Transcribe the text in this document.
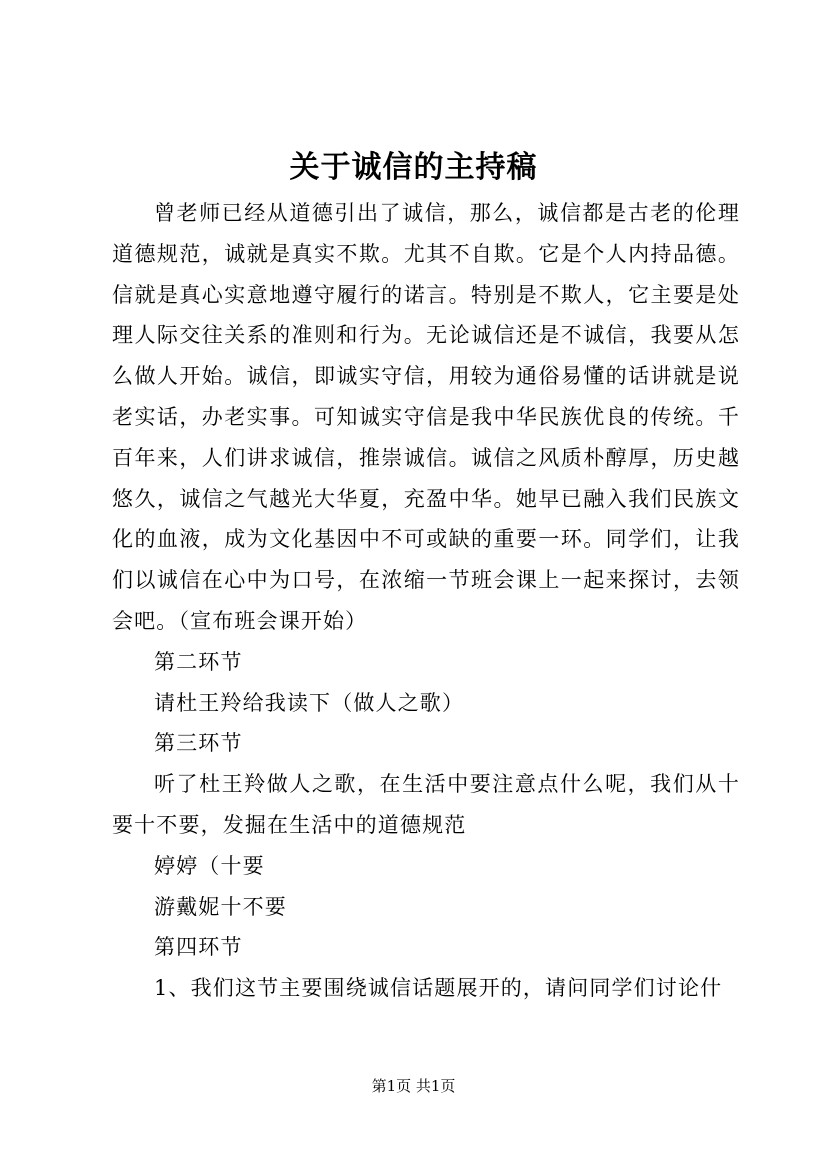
关于诚信的主持稿

曾老师已经从道德引出了诚信，那么，诚信都是古老的伦理道德规范，诚就是真实不欺。尤其不自欺。它是个人内持品德。信就是真心实意地遵守履行的诺言。特别是不欺人，它主要是处理人际交往关系的准则和行为。无论诚信还是不诚信，我要从怎么做人开始。诚信，即诚实守信，用较为通俗易懂的话讲就是说老实话，办老实事。可知诚实守信是我中华民族优良的传统。千百年来，人们讲求诚信，推崇诚信。诚信之风质朴醇厚，历史越悠久，诚信之气越光大华夏，充盈中华。她早已融入我们民族文化的血液，成为文化基因中不可或缺的重要一环。同学们，让我们以诚信在心中为口号，在浓缩一节班会课上一起来探讨，去领会吧。（宣布班会课开始）

第二环节

请杜王羚给我读下（做人之歌）

第三环节

听了杜王羚做人之歌，在生活中要注意点什么呢，我们从十要十不要，发掘在生活中的道德规范

婷婷（十要

游戴妮十不要

第四环节

1、我们这节主要围绕诚信话题展开的，请问同学们讨论什

第1页 共1页
